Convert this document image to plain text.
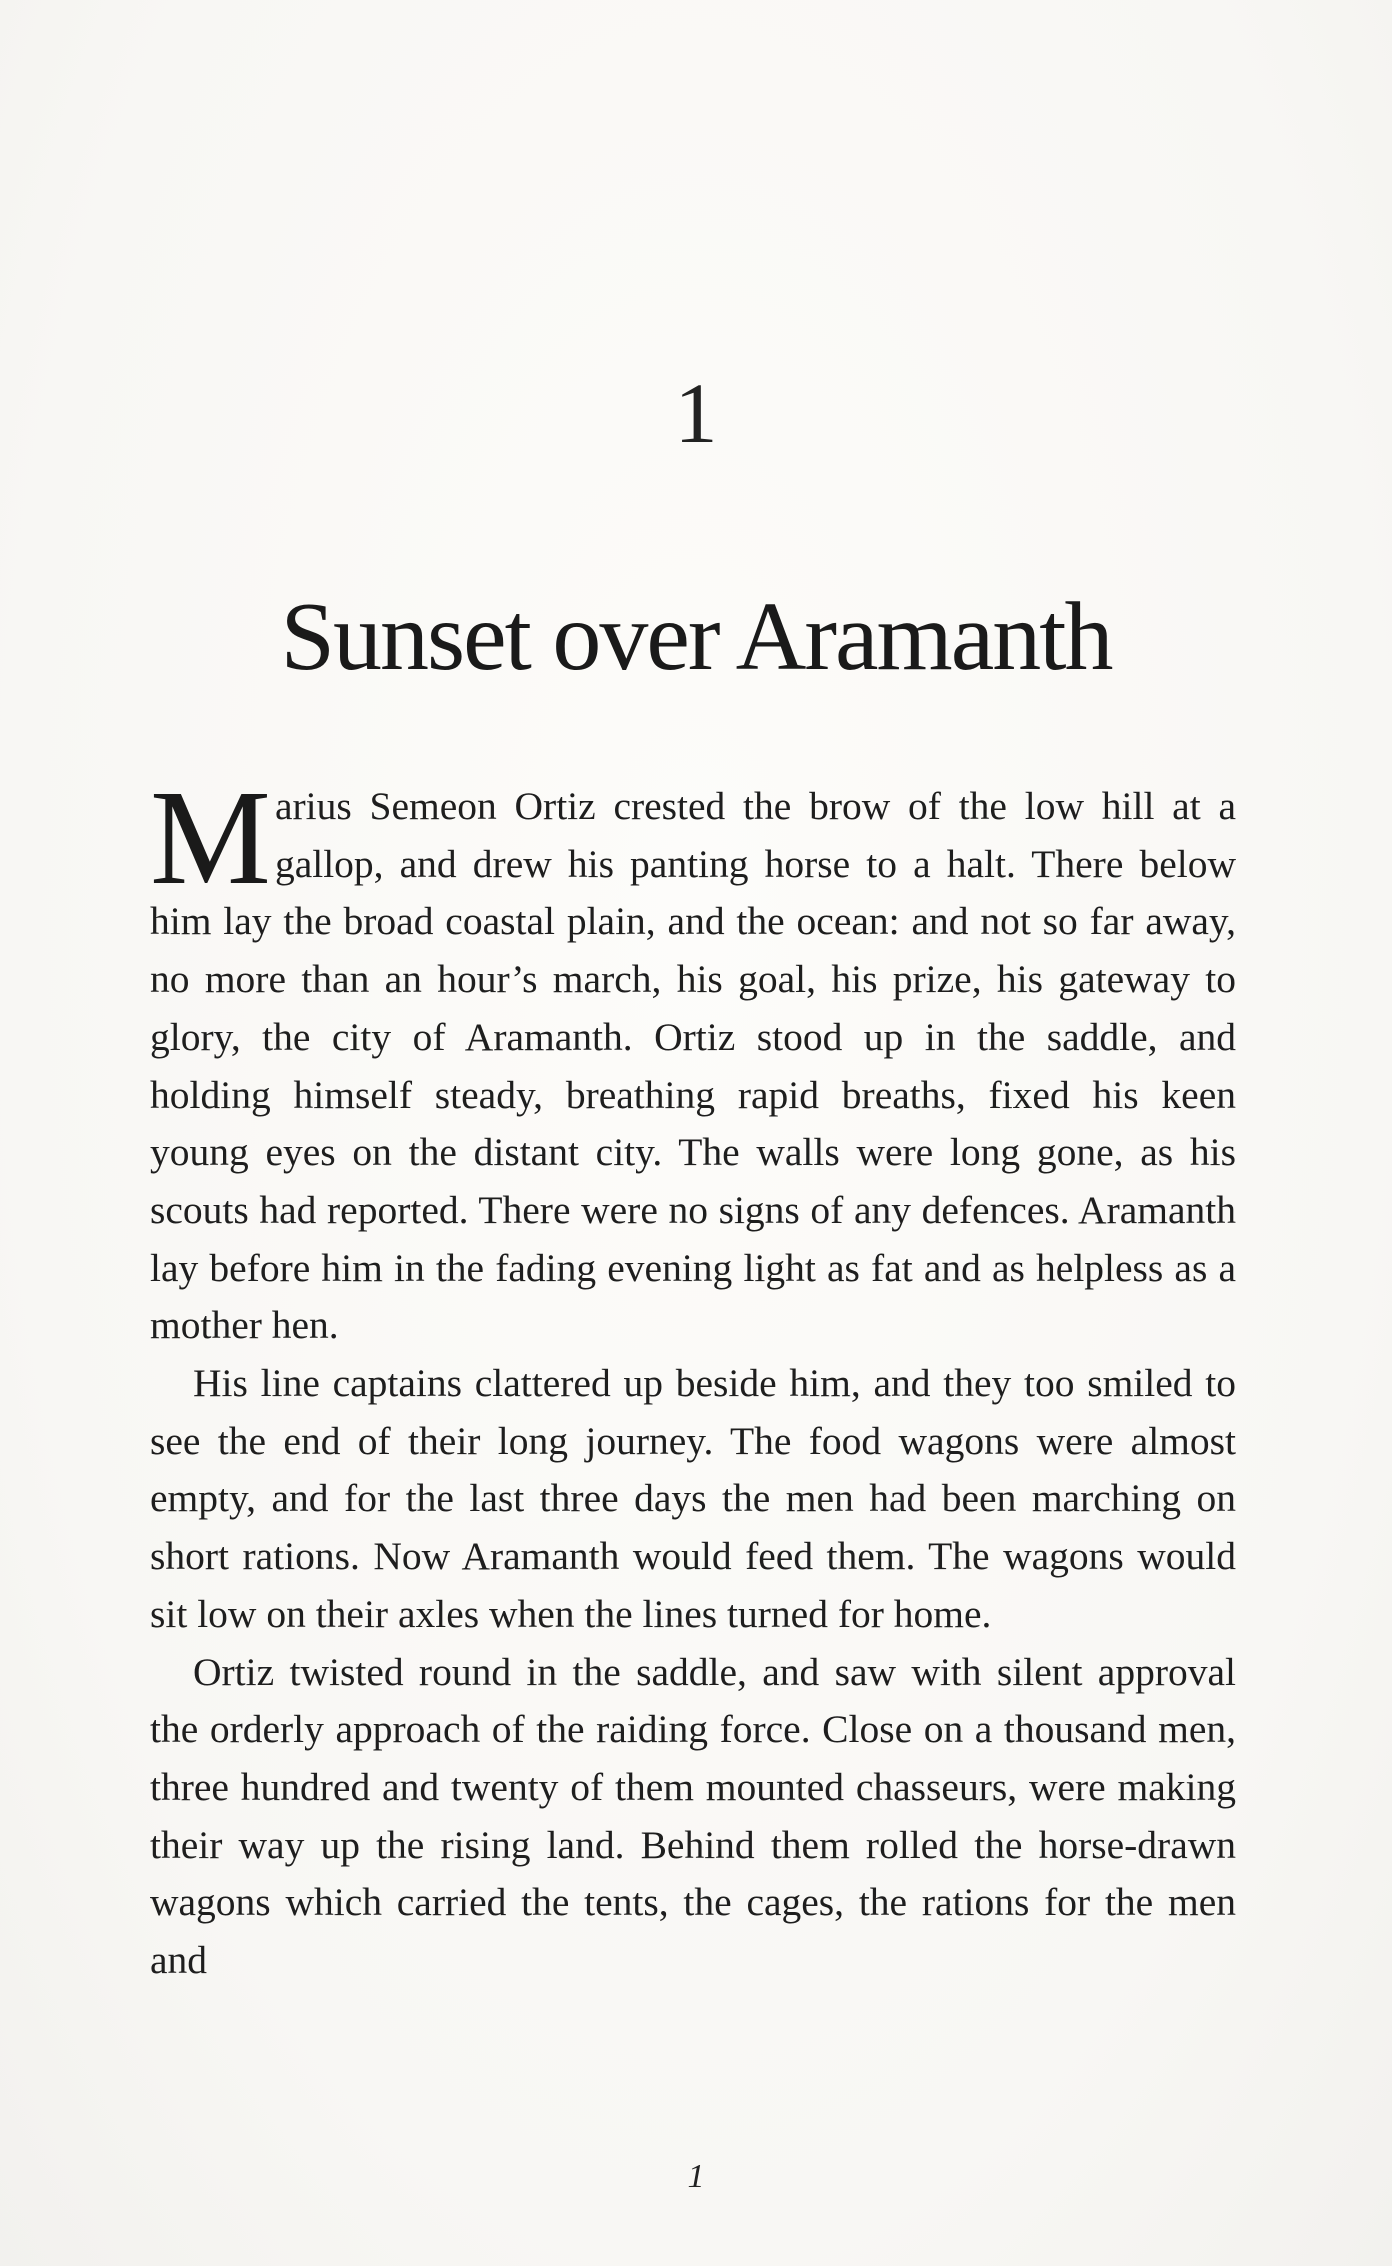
1
Sunset over Aramanth

Marius Semeon Ortiz crested the brow of the low hill at a gallop, and drew his panting horse to a halt. There below him lay the broad coastal plain, and the ocean: and not so far away, no more than an hour’s march, his goal, his prize, his gateway to glory, the city of Aramanth. Ortiz stood up in the saddle, and holding himself steady, breathing rapid breaths, fixed his keen young eyes on the distant city. The walls were long gone, as his scouts had reported. There were no signs of any defences. Aramanth lay before him in the fading evening light as fat and as helpless as a mother hen.

His line captains clattered up beside him, and they too smiled to see the end of their long journey. The food wagons were almost empty, and for the last three days the men had been marching on short rations. Now Aramanth would feed them. The wagons would sit low on their axles when the lines turned for home.

Ortiz twisted round in the saddle, and saw with silent approval the orderly approach of the raiding force. Close on a thousand men, three hundred and twenty of them mounted chasseurs, were making their way up the rising land. Behind them rolled the horse-drawn wagons which carried the tents, the cages, the rations for the men and

1
